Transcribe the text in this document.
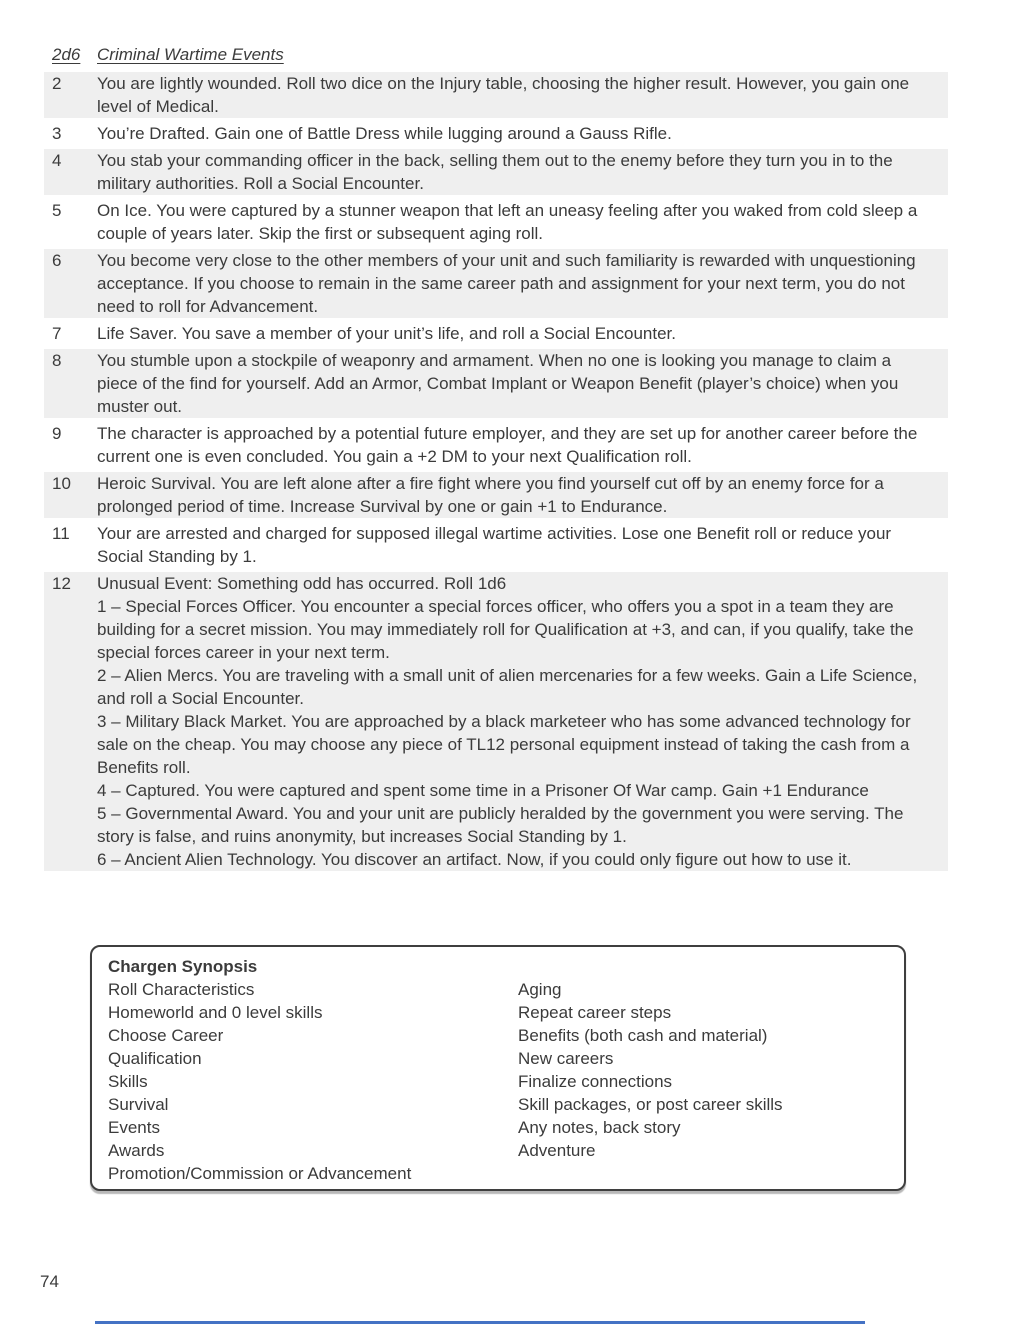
2d6 Criminal Wartime Events
2	You are lightly wounded. Roll two dice on the Injury table, choosing the higher result. However, you gain one level of Medical.
3	You’re Drafted. Gain one of Battle Dress while lugging around a Gauss Rifle.
4	You stab your commanding officer in the back, selling them out to the enemy before they turn you in to the military authorities. Roll a Social Encounter.
5	On Ice. You were captured by a stunner weapon that left an uneasy feeling after you waked from cold sleep a couple of years later. Skip the first or subsequent aging roll.
6	You become very close to the other members of your unit and such familiarity is rewarded with unquestioning acceptance. If you choose to remain in the same career path and assignment for your next term, you do not need to roll for Advancement.
7	Life Saver. You save a member of your unit’s life, and roll a Social Encounter.
8	You stumble upon a stockpile of weaponry and armament. When no one is looking you manage to claim a piece of the find for yourself. Add an Armor, Combat Implant or Weapon Benefit (player’s choice) when you muster out.
9	The character is approached by a potential future employer, and they are set up for another career before the current one is even concluded. You gain a +2 DM to your next Qualification roll.
10	Heroic Survival. You are left alone after a fire fight where you find yourself cut off by an enemy force for a prolonged period of time. Increase Survival by one or gain +1 to Endurance.
11	Your are arrested and charged for supposed illegal wartime activities. Lose one Benefit roll or reduce your Social Standing by 1.
12	Unusual Event: Something odd has occurred. Roll 1d6
1 – Special Forces Officer. You encounter a special forces officer, who offers you a spot in a team they are building for a secret mission. You may immediately roll for Qualification at +3, and can, if you qualify, take the special forces career in your next term.
2 – Alien Mercs. You are traveling with a small unit of alien mercenaries for a few weeks. Gain a Life Science, and roll a Social Encounter.
3 – Military Black Market. You are approached by a black marketeer who has some advanced technology for sale on the cheap. You may choose any piece of TL12 personal equipment instead of taking the cash from a Benefits roll.
4 – Captured. You were captured and spent some time in a Prisoner Of War camp. Gain +1 Endurance
5 – Governmental Award. You and your unit are publicly heralded by the government you were serving. The story is false, and ruins anonymity, but increases Social Standing by 1.
6 – Ancient Alien Technology. You discover an artifact. Now, if you could only figure out how to use it.
Chargen Synopsis
Roll Characteristics
Homeworld and 0 level skills
Choose Career
Qualification
Skills
Survival
Events
Awards
Promotion/Commission or Advancement
Aging
Repeat career steps
Benefits (both cash and material)
New careers
Finalize connections
Skill packages, or post career skills
Any notes, back story
Adventure
74
